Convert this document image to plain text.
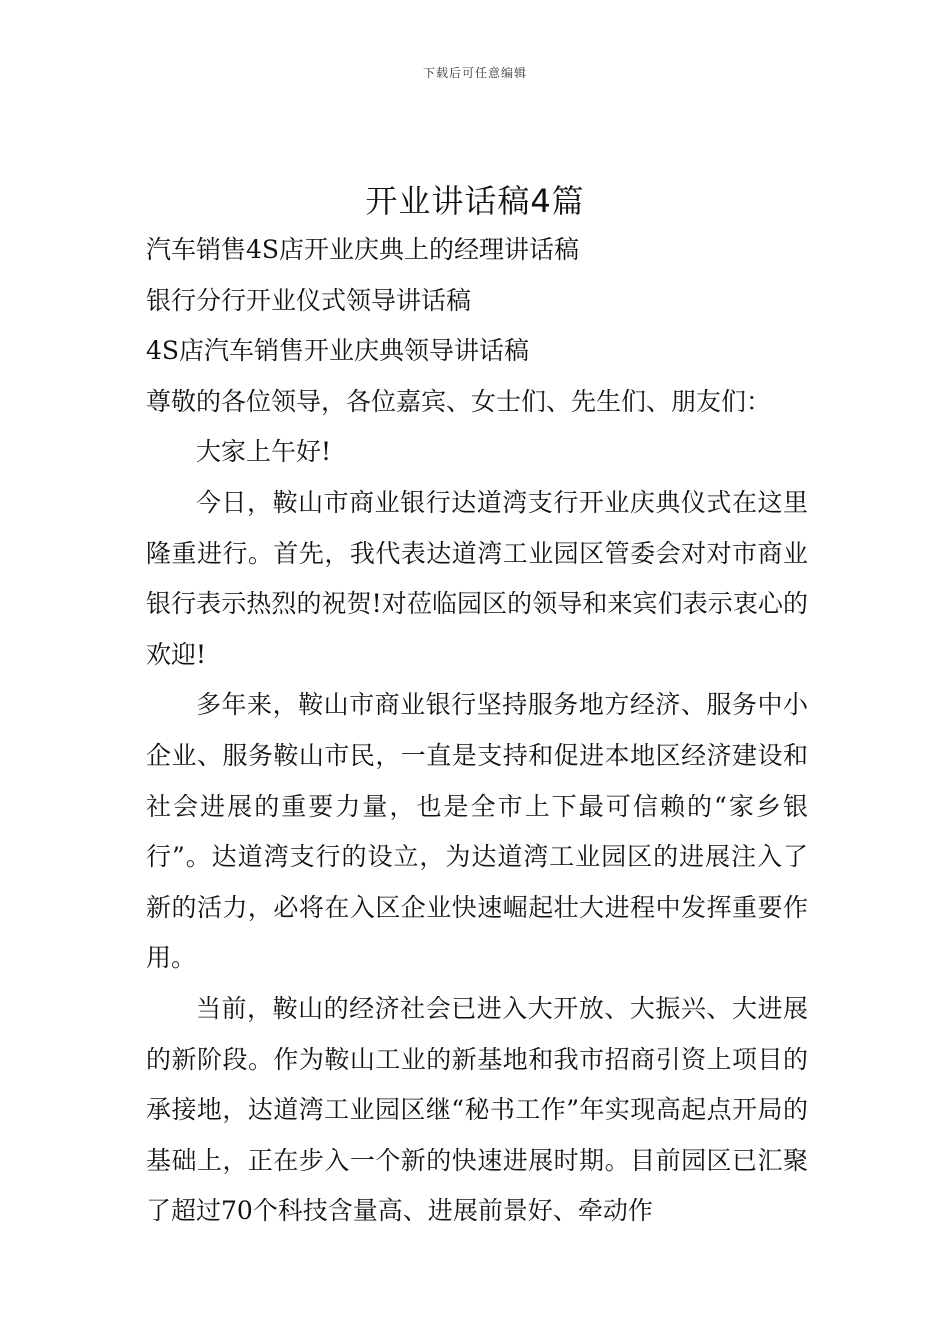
下载后可任意编辑
开业讲话稿4篇
汽车销售4S店开业庆典上的经理讲话稿
银行分行开业仪式领导讲话稿
4S店汽车销售开业庆典领导讲话稿

尊敬的各位领导，各位嘉宾、女士们、先生们、朋友们：

大家上午好!

今日，鞍山市商业银行达道湾支行开业庆典仪式在这里隆重进行。首先，我代表达道湾工业园区管委会对对市商业银行表示热烈的祝贺!对莅临园区的领导和来宾们表示衷心的欢迎!

多年来，鞍山市商业银行坚持服务地方经济、服务中小企业、服务鞍山市民，一直是支持和促进本地区经济建设和社会进展的重要力量，也是全市上下最可信赖的“家乡银行”。达道湾支行的设立，为达道湾工业园区的进展注入了新的活力，必将在入区企业快速崛起壮大进程中发挥重要作用。

当前，鞍山的经济社会已进入大开放、大振兴、大进展的新阶段。作为鞍山工业的新基地和我市招商引资上项目的承接地，达道湾工业园区继“秘书工作”年实现高起点开局的基础上，正在步入一个新的快速进展时期。目前园区已汇聚了超过70个科技含量高、进展前景好、牵动作
